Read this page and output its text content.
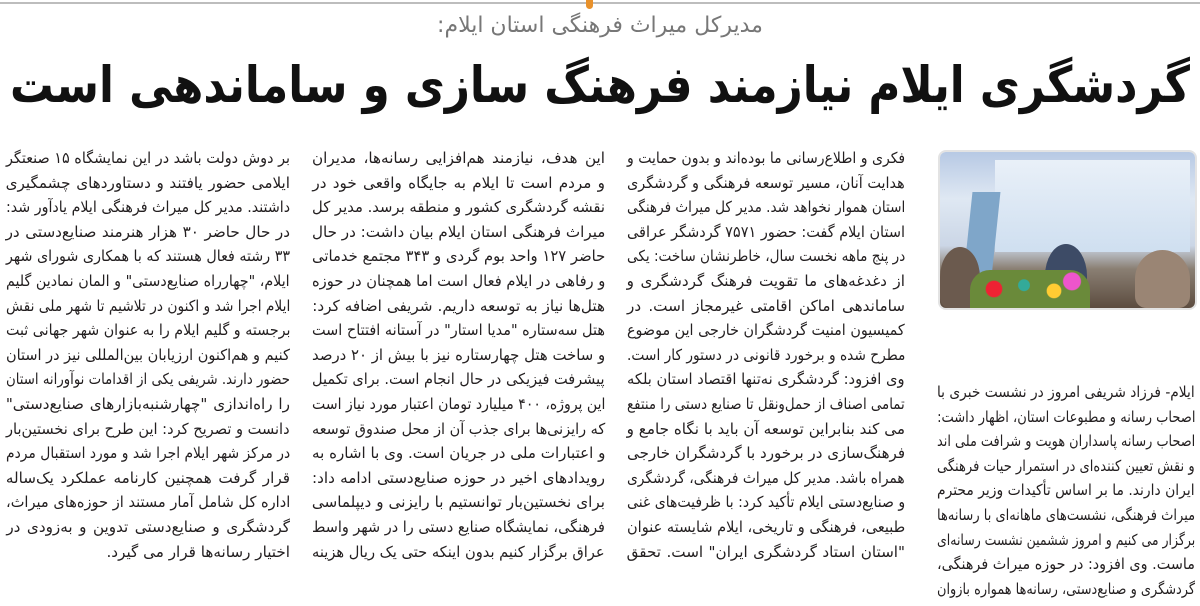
مدیرکل میراث فرهنگی استان ایلام:
گردشگری ایلام نیازمند فرهنگ سازی و ساماندهی است
ایلام- فرزاد شریفی امروز در نشست خبری با
اصحاب رسانه و مطبوعات استان، اظهار داشت:
اصحاب رسانه پاسداران هویت و شرافت ملی اند
و نقش تعیین کننده‌ای در استمرار حیات فرهنگی
ایران دارند. ما بر اساس تأکیدات وزیر محترم
میراث فرهنگی، نشست‌های ماهانه‌ای با رسانه‌ها
برگزار می کنیم و امروز ششمین نشست رسانه‌ای
ماست. وی افزود: در حوزه میراث فرهنگی،
گردشگری و صنایع‌دستی، رسانه‌ها همواره بازوان
فکری و اطلاع‌رسانی ما بوده‌اند و بدون حمایت و
هدایت آنان، مسیر توسعه فرهنگی و گردشگری
استان هموار نخواهد شد. مدیر کل میراث فرهنگی
استان ایلام گفت: حضور ۷۵۷۱ گردشگر عراقی
در پنج ماهه نخست سال، خاطرنشان ساخت: یکی
از دغدغه‌های ما تقویت فرهنگ گردشگری و
ساماندهی اماکن اقامتی غیرمجاز است. در
کمیسیون امنیت گردشگران خارجی این موضوع
مطرح شده و برخورد قانونی در دستور کار است.
وی افزود: گردشگری نه‌تنها اقتصاد استان بلکه
تمامی اصناف از حمل‌ونقل تا صنایع دستی را منتفع
می کند بنابراین توسعه آن باید با نگاه جامع و
فرهنگ‌سازی در برخورد با گردشگران خارجی
همراه باشد. مدیر کل میراث فرهنگی، گردشگری
و صنایع‌دستی ایلام تأکید کرد: با ظرفیت‌های غنی
طبیعی، فرهنگی و تاریخی، ایلام شایسته عنوان
"استان استاد گردشگری ایران" است. تحقق
این هدف، نیازمند هم‌افزایی رسانه‌ها، مدیران
و مردم است تا ایلام به جایگاه واقعی خود در
نقشه گردشگری کشور و منطقه برسد. مدیر کل
میراث فرهنگی استان ایلام بیان داشت: در حال
حاضر ۱۲۷ واحد بوم گردی و ۳۴۳ مجتمع خدماتی
و رفاهی در ایلام فعال است اما همچنان در حوزه
هتل‌ها نیاز به توسعه داریم. شریفی اضافه کرد:
هتل سه‌ستاره "مدیا استار" در آستانه افتتاح است
و ساخت هتل چهارستاره نیز با بیش از ۲۰ درصد
پیشرفت فیزیکی در حال انجام است. برای تکمیل
این پروژه، ۴۰۰ میلیارد تومان اعتبار مورد نیاز است
که رایزنی‌ها برای جذب آن از محل صندوق توسعه
و اعتبارات ملی در جریان است. وی با اشاره به
رویدادهای اخیر در حوزه صنایع‌دستی ادامه داد:
برای نخستین‌بار توانستیم با رایزنی و دیپلماسی
فرهنگی، نمایشگاه صنایع دستی را در شهر واسط
عراق برگزار کنیم بدون اینکه حتی یک ریال هزینه
بر دوش دولت باشد در این نمایشگاه ۱۵ صنعتگر
ایلامی حضور یافتند و دستاوردهای چشمگیری
داشتند. مدیر کل میراث فرهنگی ایلام یادآور شد:
در حال حاضر ۳۰ هزار هنرمند صنایع‌دستی در
۳۳ رشته فعال هستند که با همکاری شورای شهر
ایلام، "چهارراه صنایع‌دستی" و المان نمادین گلیم
ایلام اجرا شد و اکنون در تلاشیم تا شهر ملی نقش
برجسته و گلیم ایلام را به عنوان شهر جهانی ثبت
کنیم و هم‌اکنون ارزیابان بین‌المللی نیز در استان
حضور دارند. شریفی یکی از اقدامات نوآورانه استان
را راه‌اندازی "چهارشنبه‌بازارهای صنایع‌دستی"
دانست و تصریح کرد: این طرح برای نخستین‌بار
در مرکز شهر ایلام اجرا شد و مورد استقبال مردم
قرار گرفت همچنین کارنامه عملکرد یک‌ساله
اداره کل شامل آمار مستند از حوزه‌های میراث،
گردشگری و صنایع‌دستی تدوین و به‌زودی در
اختیار رسانه‌ها قرار می گیرد.
